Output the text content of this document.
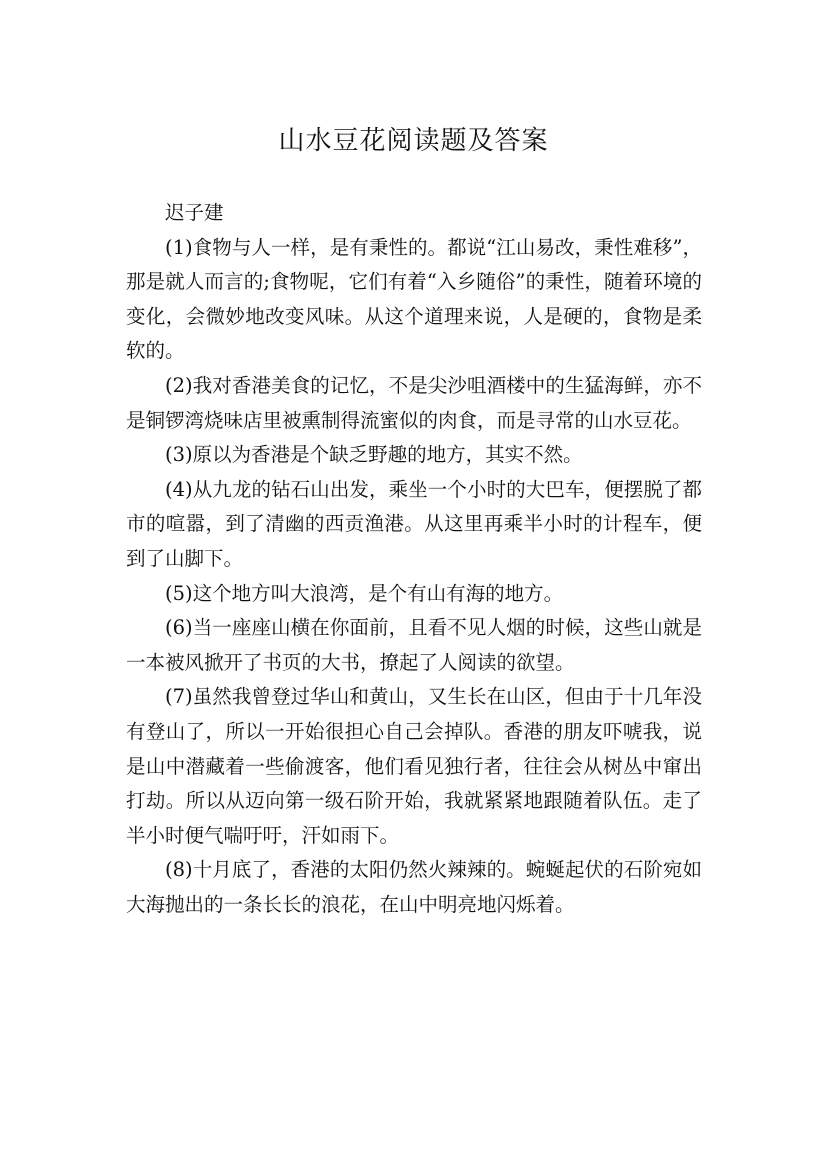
山水豆花阅读题及答案

迟子建

(1)食物与人一样，是有秉性的。都说“江山易改，秉性难移”，那是就人而言的;食物呢，它们有着“入乡随俗”的秉性，随着环境的变化，会微妙地改变风味。从这个道理来说，人是硬的，食物是柔软的。

(2)我对香港美食的记忆，不是尖沙咀酒楼中的生猛海鲜，亦不是铜锣湾烧味店里被熏制得流蜜似的肉食，而是寻常的山水豆花。

(3)原以为香港是个缺乏野趣的地方，其实不然。

(4)从九龙的钻石山出发，乘坐一个小时的大巴车，便摆脱了都市的喧嚣，到了清幽的西贡渔港。从这里再乘半小时的计程车，便到了山脚下。

(5)这个地方叫大浪湾，是个有山有海的地方。

(6)当一座座山横在你面前，且看不见人烟的时候，这些山就是一本被风掀开了书页的大书，撩起了人阅读的欲望。

(7)虽然我曾登过华山和黄山，又生长在山区，但由于十几年没有登山了，所以一开始很担心自己会掉队。香港的朋友吓唬我，说是山中潜藏着一些偷渡客，他们看见独行者，往往会从树丛中窜出打劫。所以从迈向第一级石阶开始，我就紧紧地跟随着队伍。走了半小时便气喘吁吁，汗如雨下。

(8)十月底了，香港的太阳仍然火辣辣的。蜿蜒起伏的石阶宛如大海抛出的一条长长的浪花，在山中明亮地闪烁着。
